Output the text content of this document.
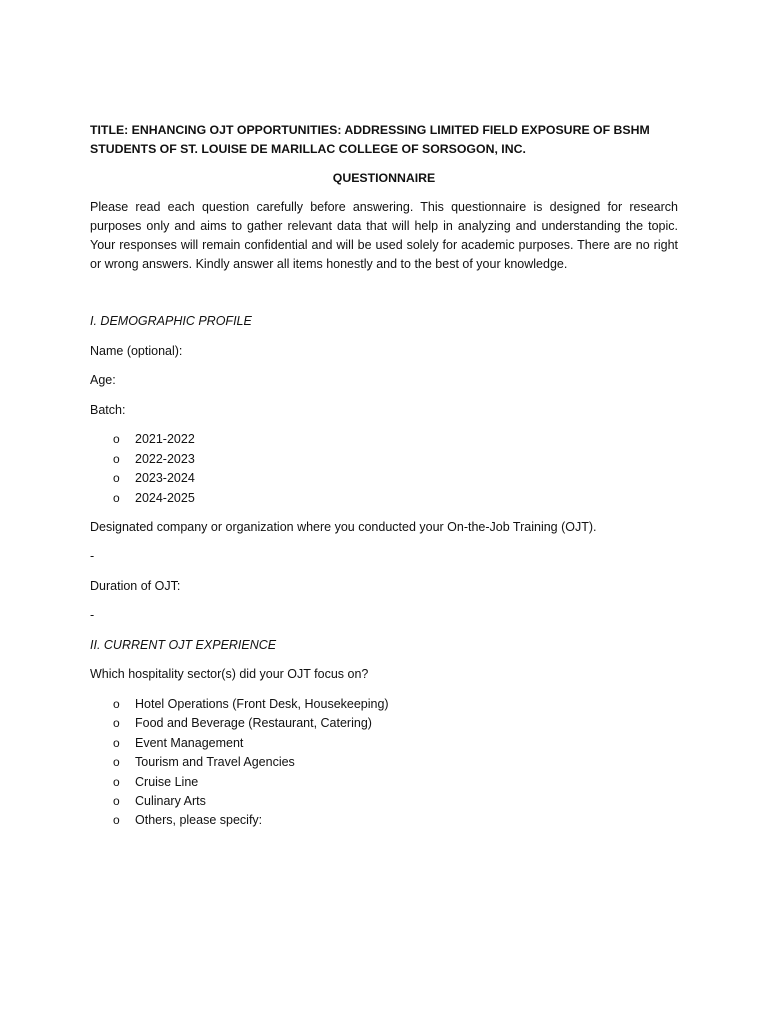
TITLE: ENHANCING OJT OPPORTUNITIES: ADDRESSING LIMITED FIELD EXPOSURE OF BSHM STUDENTS OF ST. LOUISE DE MARILLAC COLLEGE OF SORSOGON, INC.

QUESTIONNAIRE

Please read each question carefully before answering. This questionnaire is designed for research purposes only and aims to gather relevant data that will help in analyzing and understanding the topic. Your responses will remain confidential and will be used solely for academic purposes. There are no right or wrong answers. Kindly answer all items honestly and to the best of your knowledge.

I. DEMOGRAPHIC PROFILE

Name (optional):

Age:

Batch:

o 2021-2022
o 2022-2023
o 2023-2024
o 2024-2025

Designated company or organization where you conducted your On-the-Job Training (OJT).

-

Duration of OJT:

-

II. CURRENT OJT EXPERIENCE

Which hospitality sector(s) did your OJT focus on?

o Hotel Operations (Front Desk, Housekeeping)
o Food and Beverage (Restaurant, Catering)
o Event Management
o Tourism and Travel Agencies
o Cruise Line
o Culinary Arts
o Others, please specify:
